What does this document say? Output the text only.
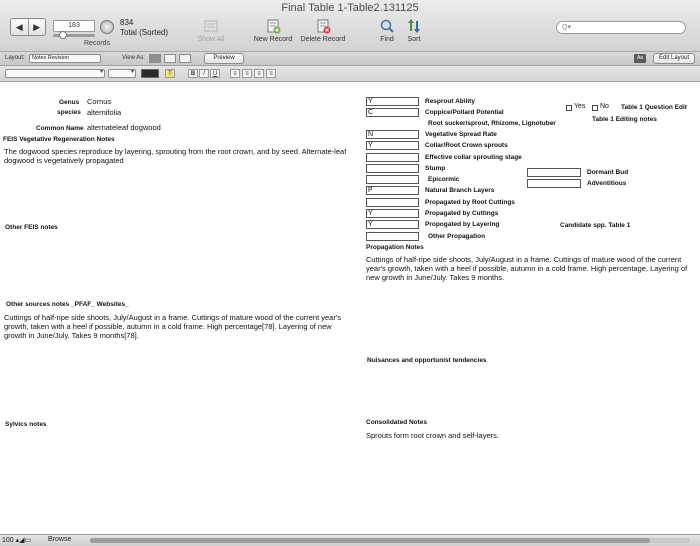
Final Table 1-Table2.131125
◀	▶	183	834
Total (Sorted)
Records
Show All	New Record Delete Record	Find	Sort
Q▾
Layout:	Notes Revision	View As:	Preview	Aa	Edit Layout
▾
▾
T	B	I	U	≡	≡	≡	≡
Genus Cornus
species alternifolia
Common Name alternateleaf dogwood
FEIS Vegetative Regeneration Notes
The dogwood species reproduce by layering, sprouting from the root crown, and by seed. Alternate-leaf dogwood is vegetatively propagated
Other FEIS notes
Other sources notes _PFAF_ Websites_
Cuttings of half-ripe side shoots, July/August in a frame. Cuttings of mature wood of the current year's growth, taken with a heel if possible, autumn in a cold frame. High percentage[78]. Layering of new growth in June/July. Takes 9 months[78].
Sylvics notes
Y	Resprout Ability
C	Coppice/Pollard Potential
Root sucker/sprout, Rhizome, Lignotuber
N	Vegetative Spread Rate
Y	Collar/Root Crown sprouts
Effective collar sprouting stage
Stump
Epicormic
P	Natural Branch Layers
Propagated by Root Cuttings
Y	Propagated by Cuttings
Y	Propogated by Layering
Other Propagation
Yes No Table 1 Question Edit
Table 1 Editing notes
Dormant Bud
Adventitious
Candidate spp. Table 1
Propagation Notes
Cuttings of half-ripe side shoots, July/August in a frame. Cuttings of mature wood of the current year's growth, taken with a heel if possible, autumn in a cold frame. High percentage. Layering of new growth in June/July. Takes 9 months.
Nuisances and opportunist tendencies
Consolidated Notes
Sprouts form root crown and self-layers.
100 ▴◢▭ Browse
